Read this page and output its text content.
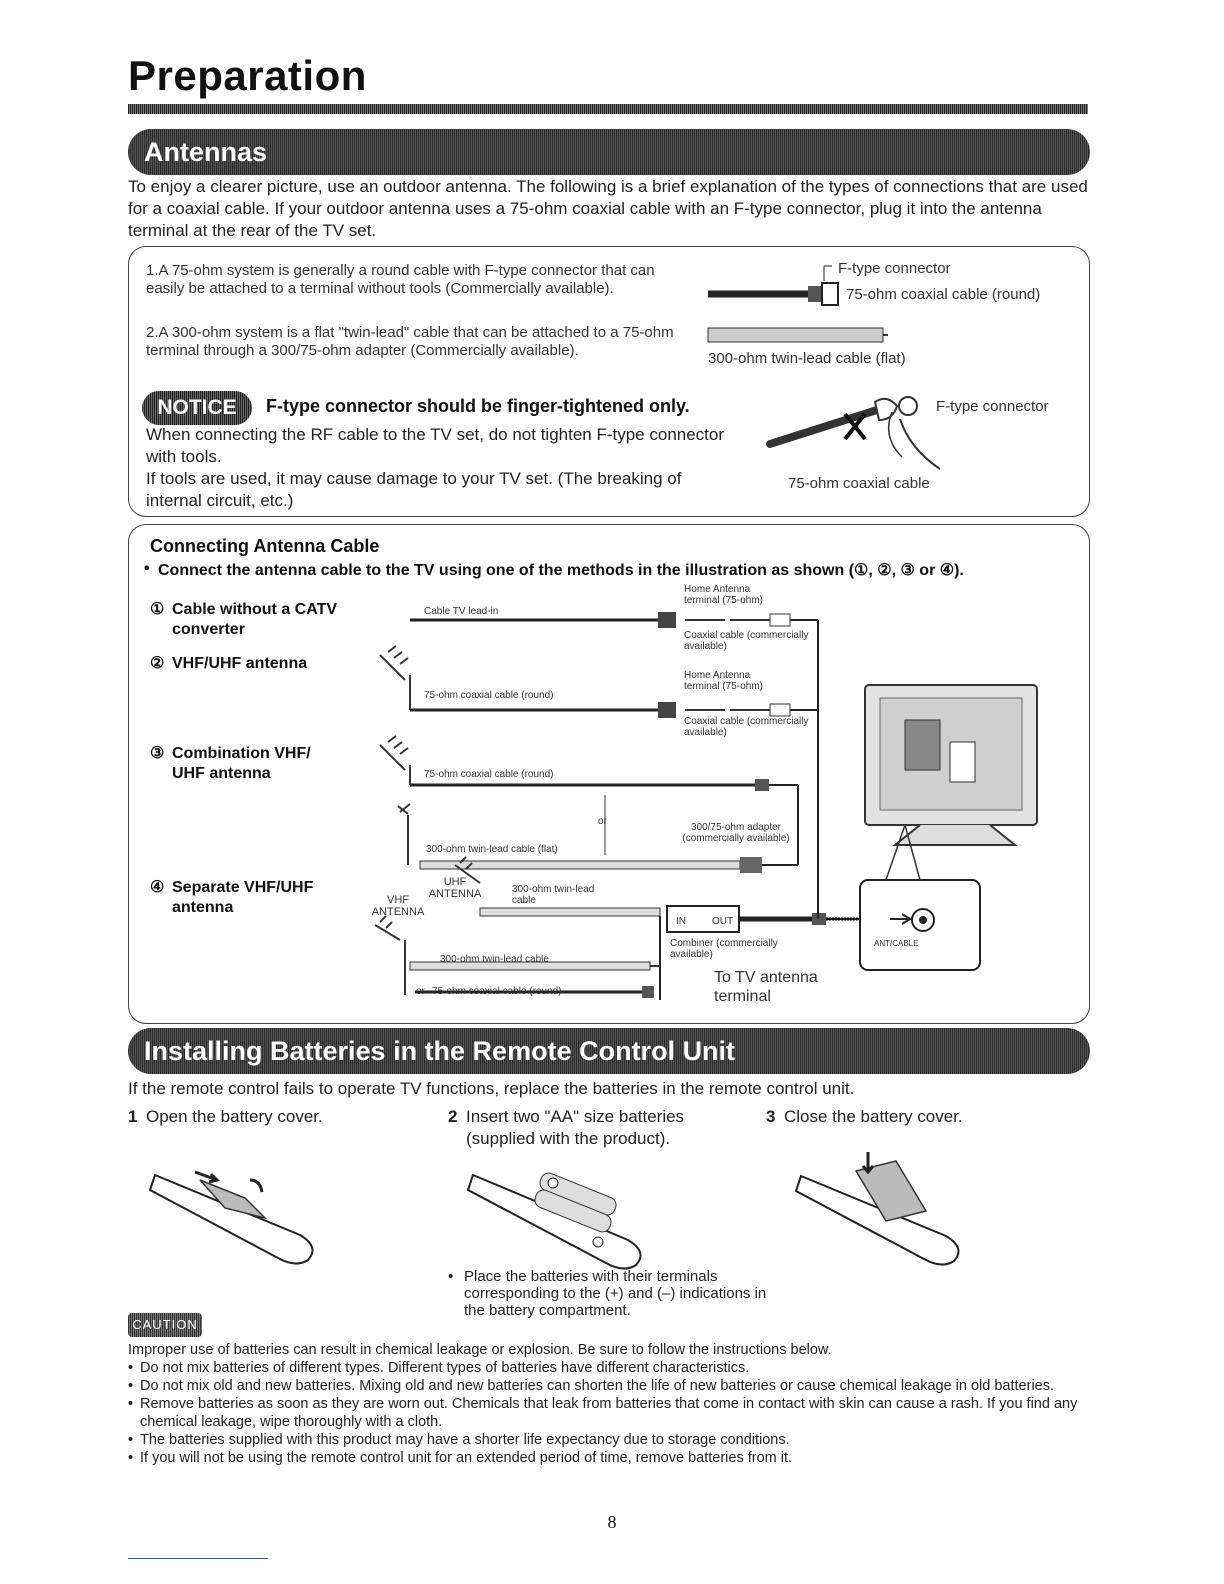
Preparation
Antennas
To enjoy a clearer picture, use an outdoor antenna. The following is a brief explanation of the types of connections that are used for a coaxial cable. If your outdoor antenna uses a 75-ohm coaxial cable with an F-type connector, plug it into the antenna terminal at the rear of the TV set.
1.A 75-ohm system is generally a round cable with F-type connector that can easily be attached to a terminal without tools (Commercially available).
2.A 300-ohm system is a flat "twin-lead" cable that can be attached to a 75-ohm terminal through a 300/75-ohm adapter (Commercially available).
F-type connector
75-ohm coaxial cable (round)
300-ohm twin-lead cable (flat)
NOTICE	F-type connector should be finger-tightened only.
When connecting the RF cable to the TV set, do not tighten F-type connector with tools.
If tools are used, it may cause damage to your TV set. (The breaking of internal circuit, etc.)
F-type connector
75-ohm coaxial cable
Connecting Antenna Cable
• Connect the antenna cable to the TV using one of the methods in the illustration as shown (①, ②, ③ or ④).
① Cable without a CATV converter
② VHF/UHF antenna
③ Combination VHF/ UHF antenna
④ Separate VHF/UHF antenna
Cable TV lead-in
Home Antenna terminal (75-ohm)
Coaxial cable (commercially available)
75-ohm coaxial cable (round)
Home Antenna terminal (75-ohm)
Coaxial cable (commercially available)
75-ohm coaxial cable (round)
or
300/75-ohm adapter (commercially available)
300-ohm twin-lead cable (flat)
UHF ANTENNA
VHF ANTENNA
300-ohm twin-lead cable
300-ohm twin-lead cable
or 75-ohm coaxial cable (round)
IN	OUT
Combiner (commercially available)
To TV antenna terminal
ANT/CABLE
Installing Batteries in the Remote Control Unit
If the remote control fails to operate TV functions, replace the batteries in the remote control unit.
1 Open the battery cover.	2 Insert two "AA" size batteries (supplied with the product).
3 Close the battery cover.
• Place the batteries with their terminals corresponding to the (+) and (–) indications in the battery compartment.
CAUTION

Improper use of batteries can result in chemical leakage or explosion. Be sure to follow the instructions below.

• Do not mix batteries of different types. Different types of batteries have different characteristics.
• Do not mix old and new batteries. Mixing old and new batteries can shorten the life of new batteries or cause chemical leakage in old batteries.
• Remove batteries as soon as they are worn out. Chemicals that leak from batteries that come in contact with skin can cause a rash. If you find any chemical leakage, wipe thoroughly with a cloth.
• The batteries supplied with this product may have a shorter life expectancy due to storage conditions.
• If you will not be using the remote control unit for an extended period of time, remove batteries from it.
8
